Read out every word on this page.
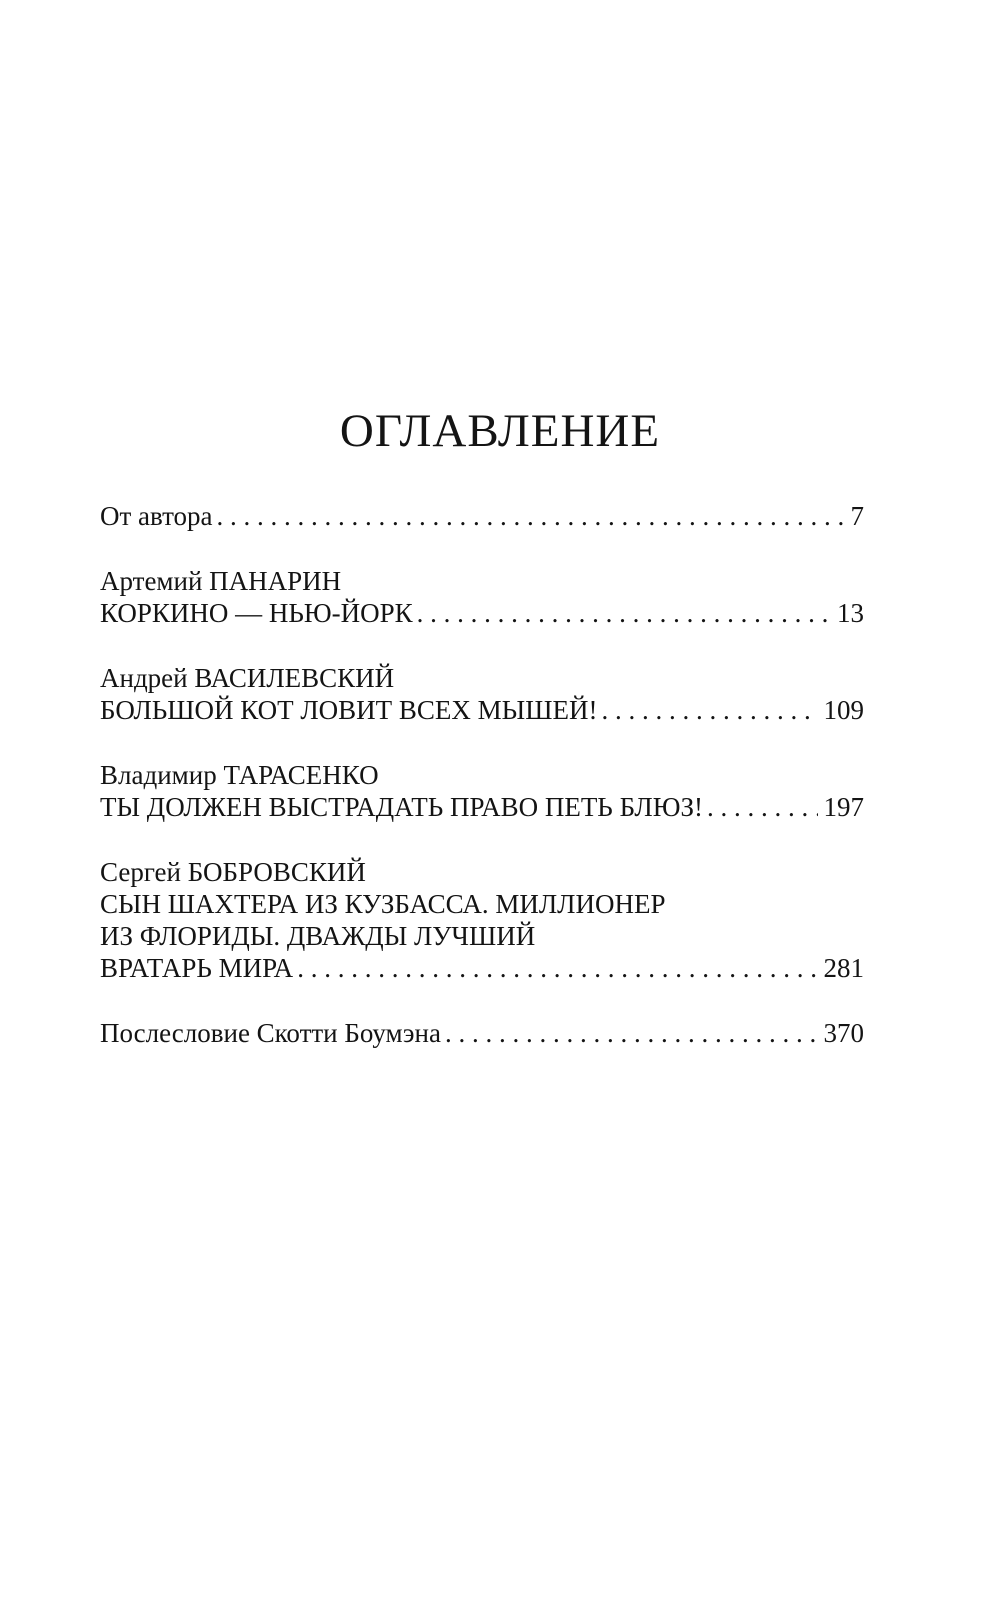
ОГЛАВЛЕНИЕ
От автора . . .	7
Артемий ПАНАРИН
КОРКИНО — НЬЮ-ЙОРК . . .	13
Андрей ВАСИЛЕВСКИЙ
БОЛЬШОЙ КОТ ЛОВИТ ВСЕХ МЫШЕЙ! . . .	109
Владимир ТАРАСЕНКО
ТЫ ДОЛЖЕН ВЫСТРАДАТЬ ПРАВО ПЕТЬ БЛЮЗ! . . .	197
Сергей БОБРОВСКИЙ
СЫН ШАХТЕРА ИЗ КУЗБАССА. МИЛЛИОНЕР
ИЗ ФЛОРИДЫ. ДВАЖДЫ ЛУЧШИЙ
ВРАТАРЬ МИРА . . .	281
Послесловие Скотти Боумэна . . .	370
